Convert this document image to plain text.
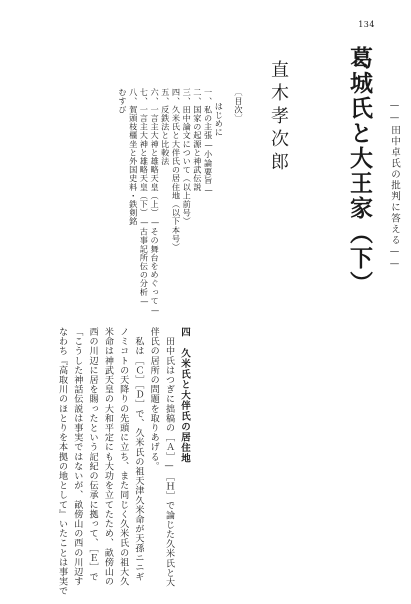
134
葛城氏と大王家（下） ——田中卓氏の批判に答える——
直木孝次郎
〔目次〕
はじめに
一、私の主張—小論要旨—
二、国家の起源と神武伝説
三、田中論文について（以上前号）
四、久米氏と大伴氏の居住地（以下本号）
五、反鉄法と比較法
六、一言主大神と雄略天皇（上）—その舞台をめぐって—
七、一言主大神と雄略天皇（下）—古事記所伝の分析—
八、賀頭枝橿坐と外国史料・鉄剣銘
むすび
四　久米氏と大伴氏の居住地
　田中氏はつぎに拙稿の［Ａ］—［Ｈ］で論じた久米氏と大
伴氏の居所の問題を取りあげる。
　私は［Ｃ］［Ｄ］で、久米氏の祖天津久米命が天孫ニニギ
ノミコトの天降りの先頭に立ち、また同じく久米氏の祖大久
米命は神武天皇の大和平定にも大功を立てたため、畝傍山の
西の川辺に居を賜ったという記紀の伝承に拠って、［Ｅ］で
「こうした神話伝説は事実ではないが、畝傍山の西の川辺す
なわち『高取川のほとりを本拠の地として』いたことは事実で
